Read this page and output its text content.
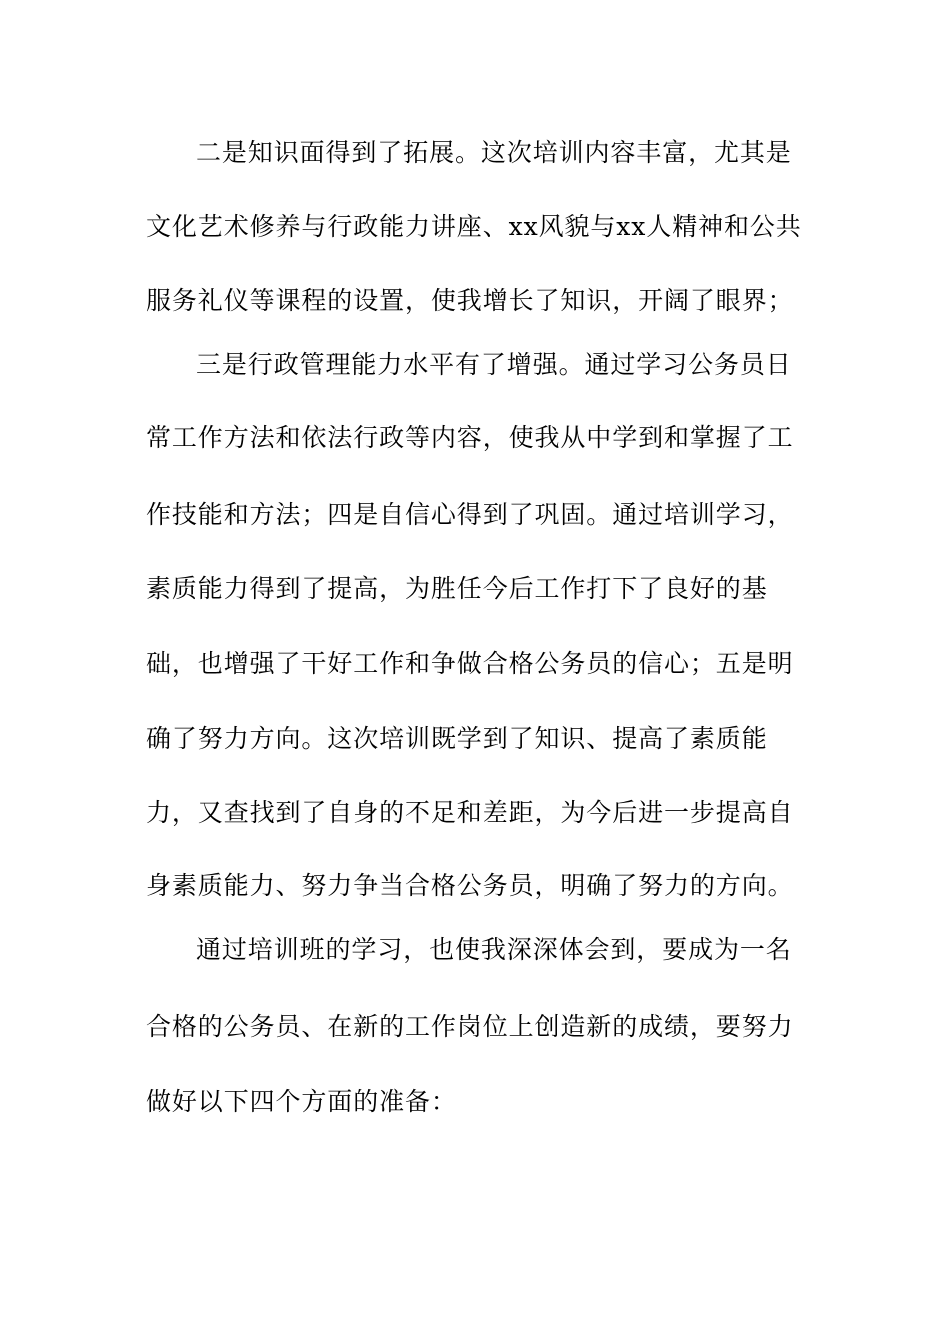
二是知识面得到了拓展。这次培训内容丰富，尤其是
文化艺术修养与行政能力讲座、xx风貌与xx人精神和公共
服务礼仪等课程的设置，使我增长了知识，开阔了眼界；
三是行政管理能力水平有了增强。通过学习公务员日
常工作方法和依法行政等内容，使我从中学到和掌握了工
作技能和方法；四是自信心得到了巩固。通过培训学习，
素质能力得到了提高，为胜任今后工作打下了良好的基
础，也增强了干好工作和争做合格公务员的信心；五是明
确了努力方向。这次培训既学到了知识、提高了素质能
力，又查找到了自身的不足和差距，为今后进一步提高自
身素质能力、努力争当合格公务员，明确了努力的方向。
通过培训班的学习，也使我深深体会到，要成为一名
合格的公务员、在新的工作岗位上创造新的成绩，要努力
做好以下四个方面的准备：
